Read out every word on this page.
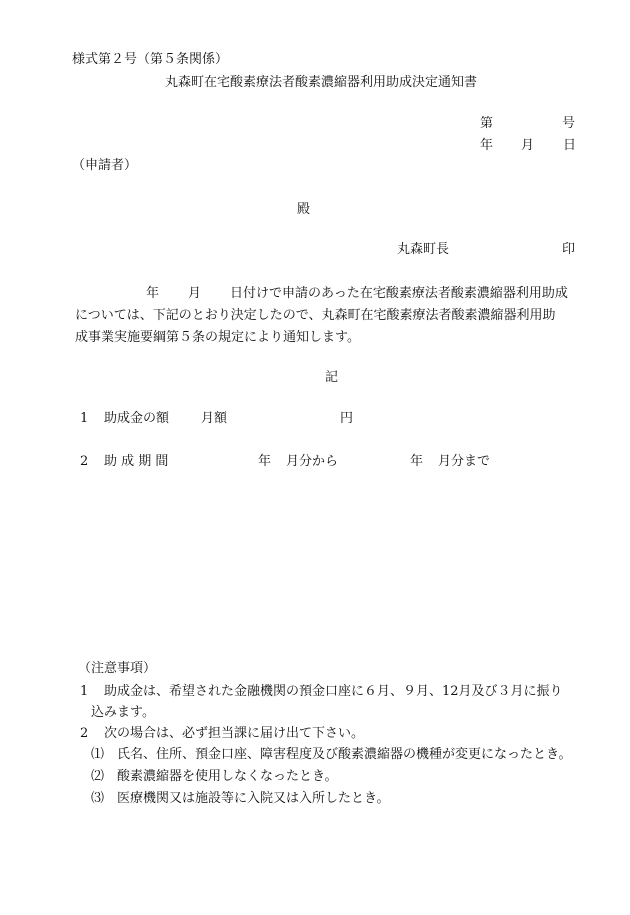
様式第２号（第５条関係）
丸森町在宅酸素療法者酸素濃縮器利用助成決定通知書
第	号
年 月 日
（申請者）
殿
丸森町長	印
年 月 日付けで申請のあった在宅酸素療法者酸素濃縮器利用助成
については、下記のとおり決定したので、丸森町在宅酸素療法者酸素濃縮器利用助
成事業実施要綱第５条の規定により通知します。
記
1 助成金の額 月額	円
2 助 成 期 間	年 月分から	年 月分まで
（注意事項）
1 助成金は、希望された金融機関の預金口座に６月、９月、12月及び３月に振り
込みます。
2 次の場合は、必ず担当課に届け出て下さい。
⑴ 氏名、住所、預金口座、障害程度及び酸素濃縮器の機種が変更になったとき。
⑵ 酸素濃縮器を使用しなくなったとき。
⑶ 医療機関又は施設等に入院又は入所したとき。
